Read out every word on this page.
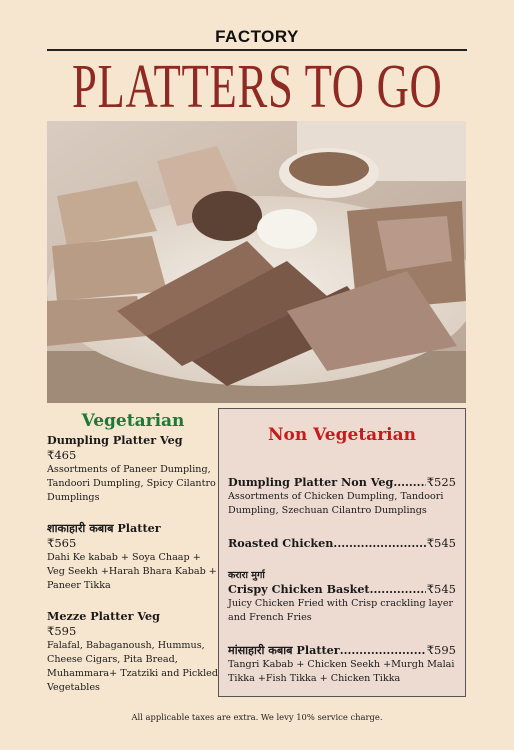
FACTORY
PLATTERS TO GO
Vegetarian

Dumpling Platter Veg

₹465

Assortments of Paneer Dumpling, Tandoori Dumpling, Spicy Cilantro Dumplings

शाकाहारी कबाब Platter

₹565

Dahi Ke kabab + Soya Chaap + Veg Seekh +Harah Bhara Kabab + Paneer Tikka

Mezze Platter Veg

₹595

Falafal, Babaganoush, Hummus, Cheese Cigars, Pita Bread, Muhammara+ Tzatziki and Pickled Vegetables

Non Vegetarian
Dumpling Platter Non Veg .....	₹525

Assortments of Chicken Dumpling, Tandoori Dumpling, Szechuan Cilantro Dumplings

Roasted Chicken .....	₹545

करारा मुर्गा

Crispy Chicken Basket .....	₹545

Juicy Chicken Fried with Crisp crackling layer and French Fries

मांसाहारी कबाब Platter .....	₹595

Tangri Kabab + Chicken Seekh +Murgh Malai Tikka +Fish Tikka + Chicken Tikka

All applicable taxes are extra. We levy 10% service charge.
